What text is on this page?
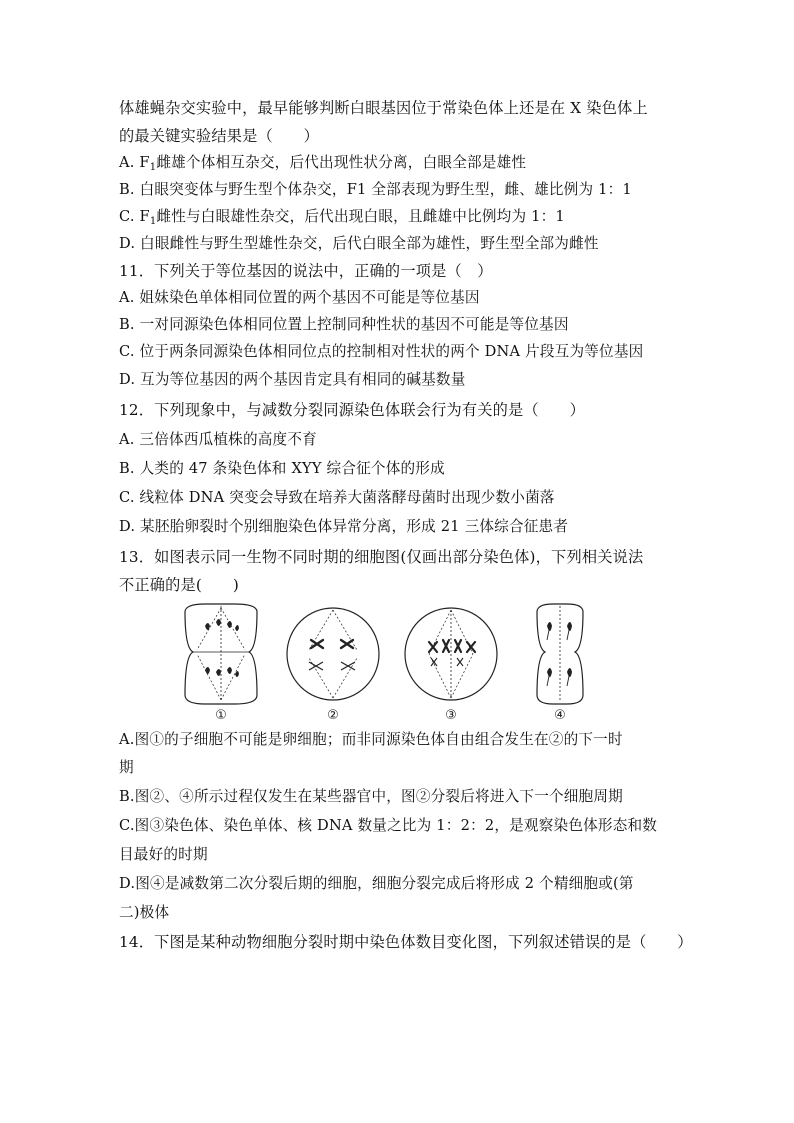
体雄蝇杂交实验中，最早能够判断白眼基因位于常染色体上还是在 X 染色体上
的最关键实验结果是（　　）
A. $F_1$雌雄个体相互杂交，后代出现性状分离，白眼全部是雄性
B. 白眼突变体与野生型个体杂交，F1 全部表现为野生型，雌、雄比例为 1：1
C. $F_1$雌性与白眼雄性杂交，后代出现白眼，且雌雄中比例均为 1：1
D. 白眼雌性与野生型雄性杂交，后代白眼全部为雄性，野生型全部为雌性
11．下列关于等位基因的说法中，正确的一项是（　）
A. 姐妹染色单体相同位置的两个基因不可能是等位基因
B. 一对同源染色体相同位置上控制同种性状的基因不可能是等位基因
C. 位于两条同源染色体相同位点的控制相对性状的两个 DNA 片段互为等位基因
D. 互为等位基因的两个基因肯定具有相同的碱基数量
12．下列现象中，与减数分裂同源染色体联会行为有关的是（　　）
A. 三倍体西瓜植株的高度不育
B. 人类的 47 条染色体和 XYY 综合征个体的形成
C. 线粒体 DNA 突变会导致在培养大菌落酵母菌时出现少数小菌落
D. 某胚胎卵裂时个别细胞染色体异常分离，形成 21 三体综合征患者
13．如图表示同一生物不同时期的细胞图(仅画出部分染色体)，下列相关说法
不正确的是(　　)
①	②	③	④
A.图①的子细胞不可能是卵细胞；而非同源染色体自由组合发生在②的下一时
期
B.图②、④所示过程仅发生在某些器官中，图②分裂后将进入下一个细胞周期
C.图③染色体、染色单体、核 DNA 数量之比为 1：2：2，是观察染色体形态和数
目最好的时期
D.图④是减数第二次分裂后期的细胞，细胞分裂完成后将形成 2 个精细胞或(第
二)极体
14．下图是某种动物细胞分裂时期中染色体数目变化图，下列叙述错误的是（　　）
